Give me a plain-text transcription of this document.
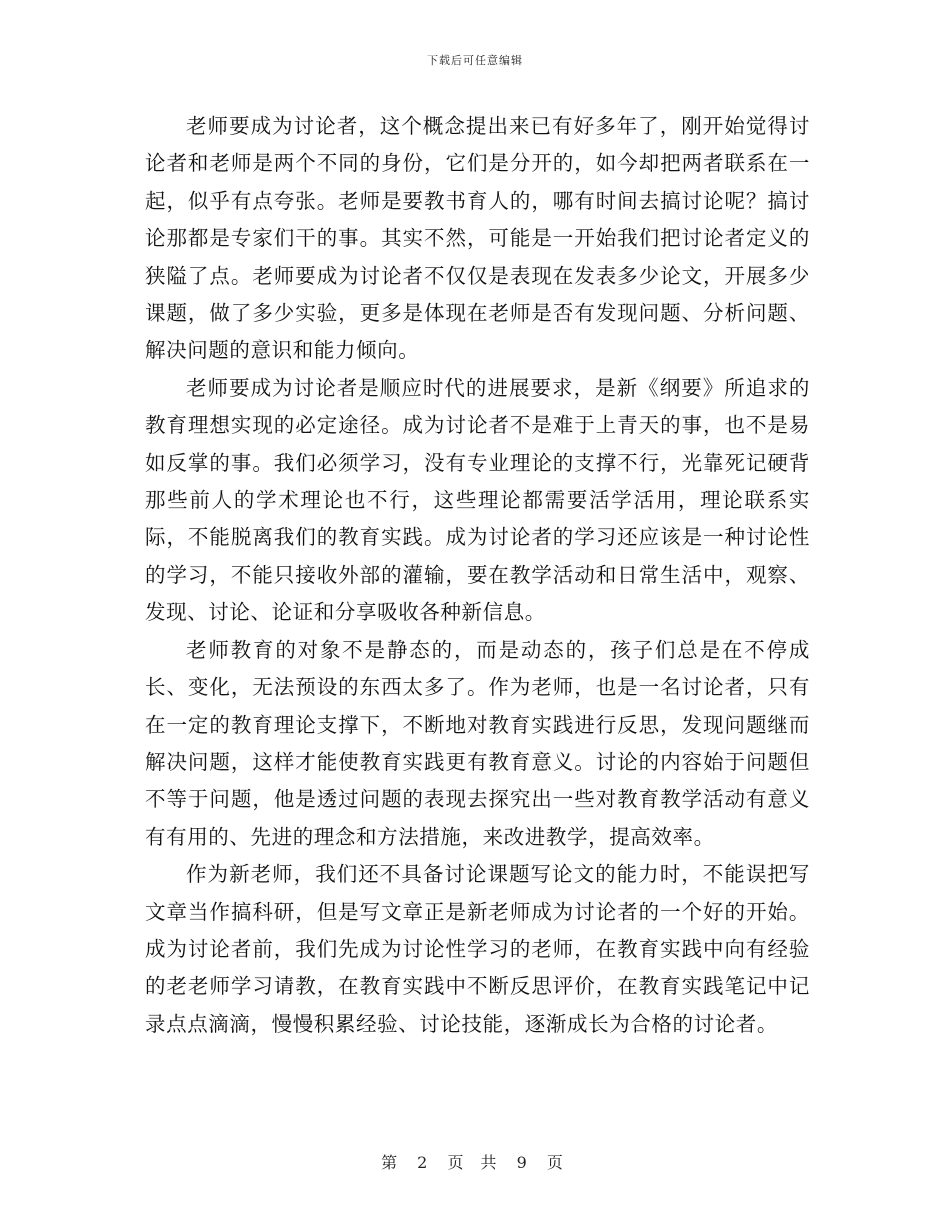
下载后可任意编辑

老师要成为讨论者，这个概念提出来已有好多年了，刚开始觉得讨论者和老师是两个不同的身份，它们是分开的，如今却把两者联系在一起，似乎有点夸张。老师是要教书育人的，哪有时间去搞讨论呢？搞讨论那都是专家们干的事。其实不然，可能是一开始我们把讨论者定义的狭隘了点。老师要成为讨论者不仅仅是表现在发表多少论文，开展多少课题，做了多少实验，更多是体现在老师是否有发现问题、分析问题、解决问题的意识和能力倾向。

老师要成为讨论者是顺应时代的进展要求，是新《纲要》所追求的教育理想实现的必定途径。成为讨论者不是难于上青天的事，也不是易如反掌的事。我们必须学习，没有专业理论的支撑不行，光靠死记硬背那些前人的学术理论也不行，这些理论都需要活学活用，理论联系实际，不能脱离我们的教育实践。成为讨论者的学习还应该是一种讨论性的学习，不能只接收外部的灌输，要在教学活动和日常生活中，观察、发现、讨论、论证和分享吸收各种新信息。

老师教育的对象不是静态的，而是动态的，孩子们总是在不停成长、变化，无法预设的东西太多了。作为老师，也是一名讨论者，只有在一定的教育理论支撑下，不断地对教育实践进行反思，发现问题继而解决问题，这样才能使教育实践更有教育意义。讨论的内容始于问题但不等于问题，他是透过问题的表现去探究出一些对教育教学活动有意义有有用的、先进的理念和方法措施，来改进教学，提高效率。

作为新老师，我们还不具备讨论课题写论文的能力时，不能误把写文章当作搞科研，但是写文章正是新老师成为讨论者的一个好的开始。成为讨论者前，我们先成为讨论性学习的老师，在教育实践中向有经验的老老师学习请教，在教育实践中不断反思评价，在教育实践笔记中记录点点滴滴，慢慢积累经验、讨论技能，逐渐成长为合格的讨论者。

第 2 页 共 9 页
